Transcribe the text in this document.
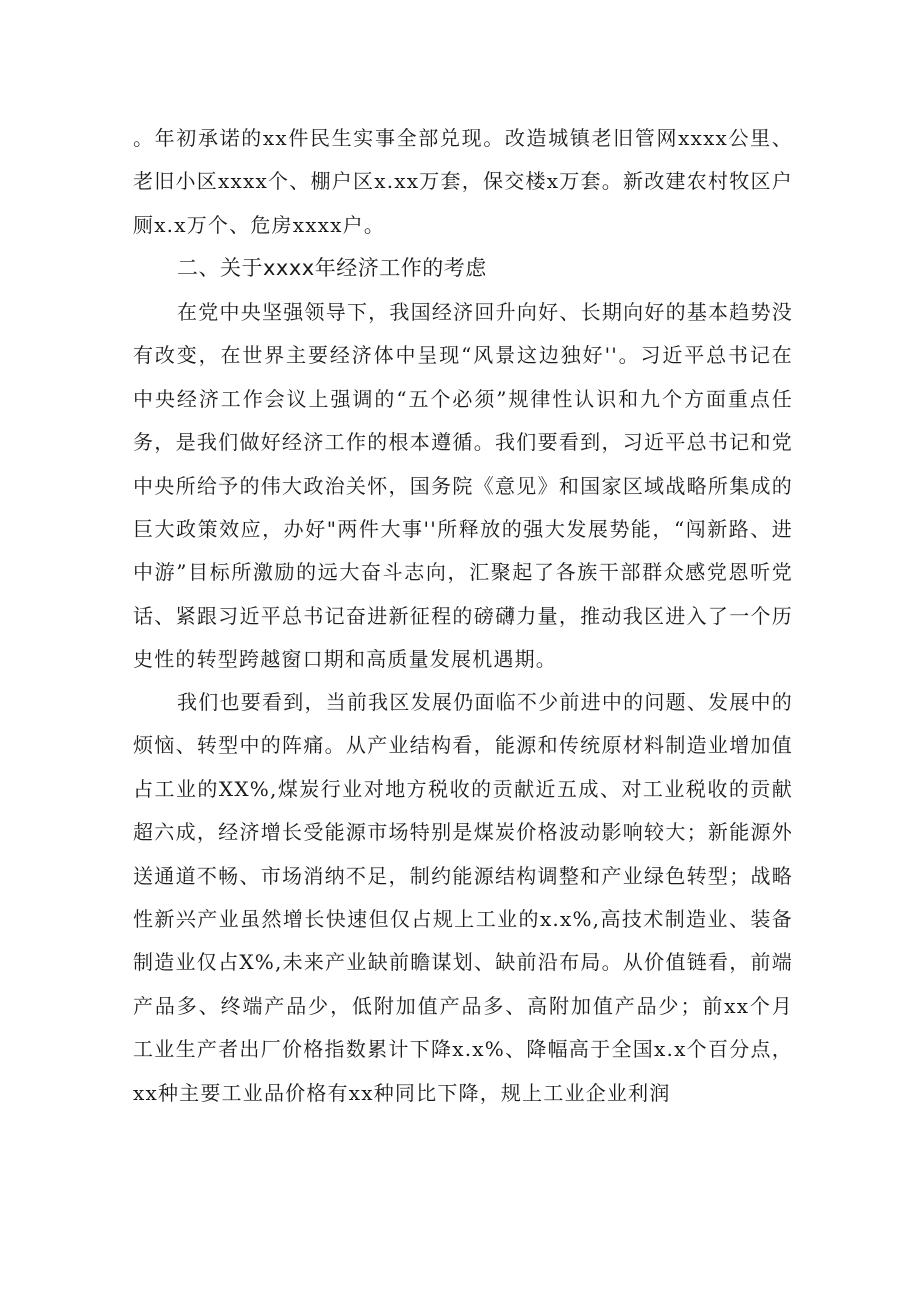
。年初承诺的xx件民生实事全部兑现。改造城镇老旧管网xxxx公里、老旧小区xxxx个、棚户区x.xx万套，保交楼x万套。新改建农村牧区户厕x.x万个、危房xxxx户。

二、关于xxxx年经济工作的考虑

在党中央坚强领导下，我国经济回升向好、长期向好的基本趋势没有改变，在世界主要经济体中呈现“风景这边独好''。习近平总书记在中央经济工作会议上强调的“五个必须”规律性认识和九个方面重点任务，是我们做好经济工作的根本遵循。我们要看到，习近平总书记和党中央所给予的伟大政治关怀，国务院《意见》和国家区域战略所集成的巨大政策效应，办好"两件大事''所释放的强大发展势能，“闯新路、进中游”目标所激励的远大奋斗志向，汇聚起了各族干部群众感党恩听党话、紧跟习近平总书记奋进新征程的磅礴力量，推动我区进入了一个历史性的转型跨越窗口期和高质量发展机遇期。

我们也要看到，当前我区发展仍面临不少前进中的问题、发展中的烦恼、转型中的阵痛。从产业结构看，能源和传统原材料制造业增加值占工业的XX%,煤炭行业对地方税收的贡献近五成、对工业税收的贡献超六成，经济增长受能源市场特别是煤炭价格波动影响较大；新能源外送通道不畅、市场消纳不足，制约能源结构调整和产业绿色转型；战略性新兴产业虽然增长快速但仅占规上工业的x.x%,高技术制造业、装备制造业仅占X%,未来产业缺前瞻谋划、缺前沿布局。从价值链看，前端产品多、终端产品少，低附加值产品多、高附加值产品少；前xx个月工业生产者出厂价格指数累计下降x.x%、降幅高于全国x.x个百分点，xx种主要工业品价格有xx种同比下降，规上工业企业利润
